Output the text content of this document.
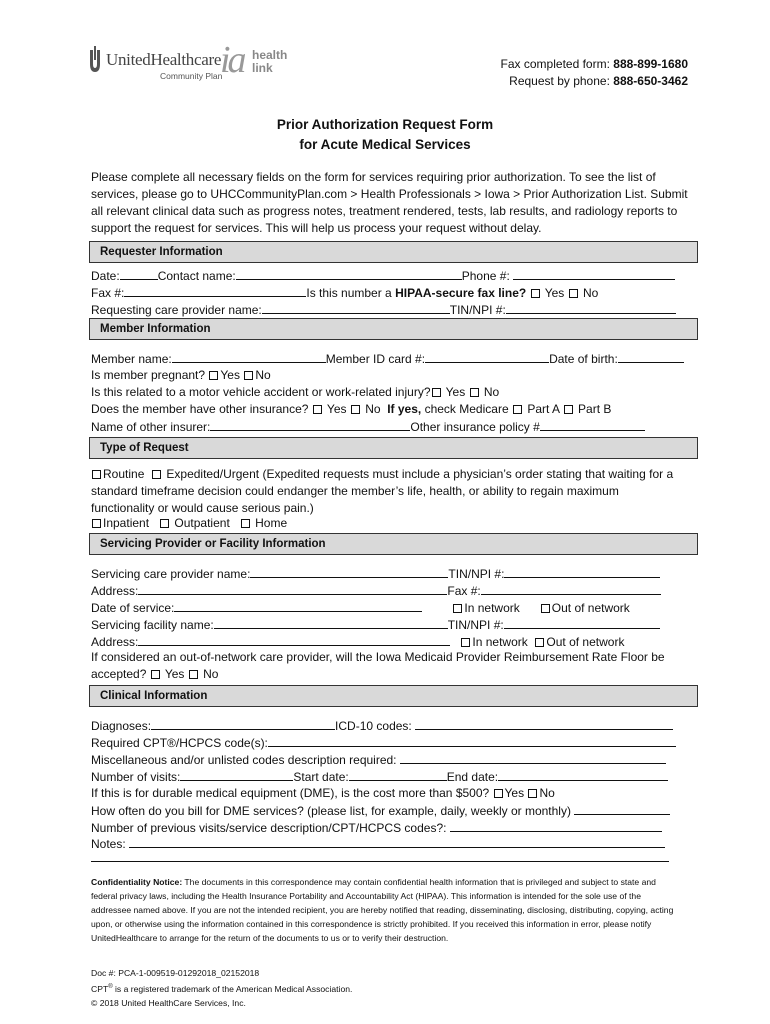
UnitedHealthcare
Community Plan
ia health
link	Fax completed form: 888-899-1680
Request by phone: 888-650-3462
Prior Authorization Request Form
for Acute Medical Services
Please complete all necessary fields on the form for services requiring prior authorization. To see the list of services, please go to UHCCommunityPlan.com > Health Professionals > Iowa > Prior Authorization List. Submit all relevant clinical data such as progress notes, treatment rendered, tests, lab results, and radiology reports to support the request for services. This will help us process your request without delay.
Requester Information
Date:	Contact name:	Phone #:
Fax #:	Is this number a HIPAA-secure fax line? Yes No
Requesting care provider name:	TIN/NPI #:
Member Information
Member name:	Member ID card #:	Date of birth:
Is member pregnant? Yes No
Is this related to a motor vehicle accident or work-related injury? Yes No
Does the member have other insurance? Yes No If yes, check Medicare Part A Part B
Name of other insurer:	Other insurance policy #
Type of Request
Routine Expedited/Urgent (Expedited requests must include a physician’s order stating that waiting for a standard timeframe decision could endanger the member’s life, health, or ability to regain maximum functionality or would cause serious pain.)
Inpatient Outpatient Home
Servicing Provider or Facility Information
Servicing care provider name:	TIN/NPI #:
Address:	Fax #:
Date of service:	In network	Out of network
Servicing facility name:	TIN/NPI #:
Address:	In network Out of network
If considered an out-of-network care provider, will the Iowa Medicaid Provider Reimbursement Rate Floor be accepted? Yes No
Clinical Information
Diagnoses:	ICD-10 codes:
Required CPT®/HCPCS code(s):
Miscellaneous and/or unlisted codes description required:
Number of visits:	Start date:	End date:
If this is for durable medical equipment (DME), is the cost more than $500? Yes No
How often do you bill for DME services? (please list, for example, daily, weekly or monthly)
Number of previous visits/service description/CPT/HCPCS codes?:
Notes:
Confidentiality Notice: The documents in this correspondence may contain confidential health information that is privileged and subject to state and federal privacy laws, including the Health Insurance Portability and Accountability Act (HIPAA). This information is intended for the sole use of the addressee named above. If you are not the intended recipient, you are hereby notified that reading, disseminating, disclosing, distributing, copying, acting upon, or otherwise using the information contained in this correspondence is strictly prohibited. If you received this information in error, please notify UnitedHealthcare to arrange for the return of the documents to us or to verify their destruction.
Doc #: PCA-1-009519-01292018_02152018
CPT® is a registered trademark of the American Medical Association.
© 2018 United HealthCare Services, Inc.
